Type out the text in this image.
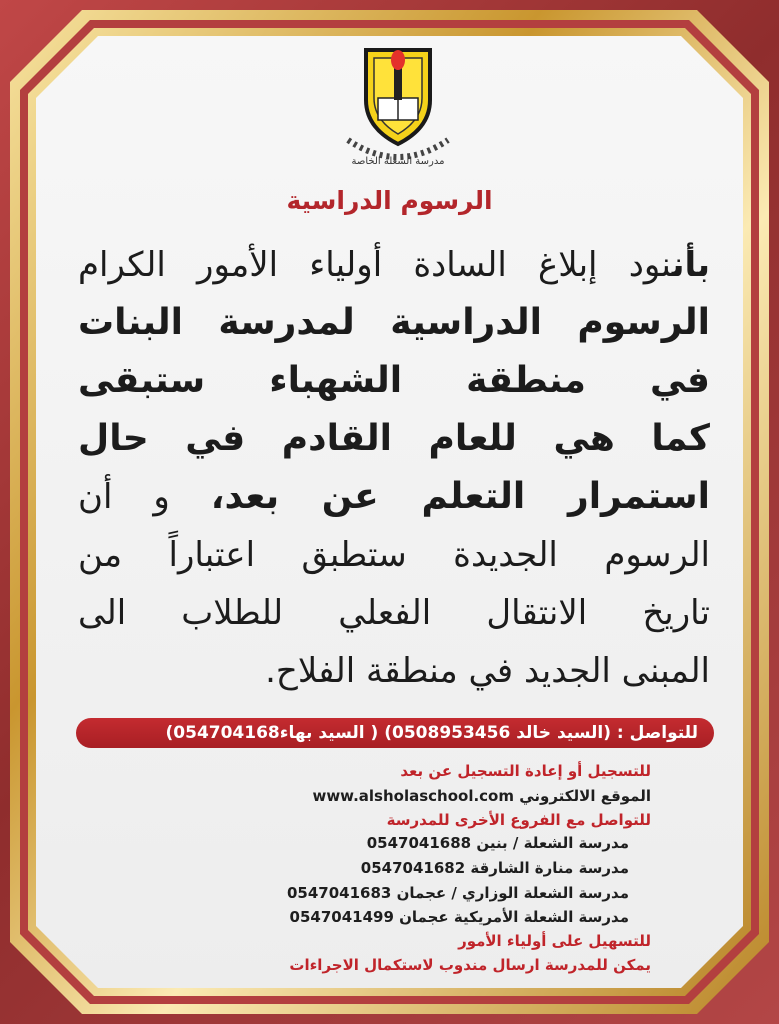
مدرسة الشعلة الخاصة
الرسوم الدراسية
بأننود إبلاغ السادة أولياء الأمور الكرام
الرسوم الدراسية لمدرسة البنات
في منطقة الشهباء ستبقى
كما هي للعام القادم في حال
استمرار التعلم عن بعد، و أن
الرسوم الجديدة ستطبق اعتباراً من
تاريخ الانتقال الفعلي للطلاب الى
المبنى الجديد في منطقة الفلاح.
للتواصل : (السيد خالد 0508953456) ( السيد بهاء054704168)
للتسجيل أو إعادة التسجيل عن بعد
الموقع الالكتروني www.alsholaschool.com
للتواصل مع الفروع الأخرى للمدرسة
مدرسة الشعلة / بنين 0547041688
مدرسة منارة الشارقة 0547041682
مدرسة الشعلة الوزاري / عجمان 0547041683
مدرسة الشعلة الأمريكية عجمان 0547041499
للتسهيل على أولياء الأمور
يمكن للمدرسة ارسال مندوب لاستكمال الاجراءات
